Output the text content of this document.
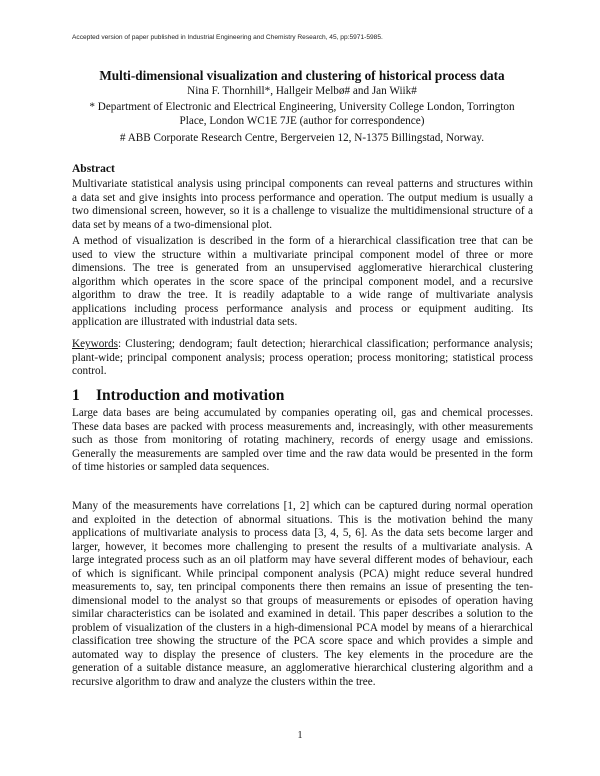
Accepted version of paper published in Industrial Engineering and Chemistry Research, 45, pp:5971-5985.
Multi-dimensional visualization and clustering of historical process data
Nina F. Thornhill*, Hallgeir Melbø# and Jan Wiik#
* Department of Electronic and Electrical Engineering, University College London, Torrington
Place, London WC1E 7JE (author for correspondence)
# ABB Corporate Research Centre, Bergerveien 12, N-1375 Billingstad, Norway.
Abstract
Multivariate statistical analysis using principal components can reveal patterns and structures within
a data set and give insights into process performance and operation. The output medium is usually a
two dimensional screen, however, so it is a challenge to visualize the multidimensional structure of a
data set by means of a two-dimensional plot.
A method of visualization is described in the form of a hierarchical classification tree that can be
used to view the structure within a multivariate principal component model of three or more
dimensions. The tree is generated from an unsupervised agglomerative hierarchical clustering
algorithm which operates in the score space of the principal component model, and a recursive
algorithm to draw the tree. It is readily adaptable to a wide range of multivariate analysis
applications including process performance analysis and process or equipment auditing. Its
application are illustrated with industrial data sets.
Keywords: Clustering; dendogram; fault detection; hierarchical classification; performance analysis;
plant-wide; principal component analysis; process operation; process monitoring; statistical process
control.
1 Introduction and motivation
Large data bases are being accumulated by companies operating oil, gas and chemical processes.
These data bases are packed with process measurements and, increasingly, with other measurements
such as those from monitoring of rotating machinery, records of energy usage and emissions.
Generally the measurements are sampled over time and the raw data would be presented in the form
of time histories or sampled data sequences.
Many of the measurements have correlations [1, 2] which can be captured during normal operation
and exploited in the detection of abnormal situations. This is the motivation behind the many
applications of multivariate analysis to process data [3, 4, 5, 6]. As the data sets become larger and
larger, however, it becomes more challenging to present the results of a multivariate analysis. A
large integrated process such as an oil platform may have several different modes of behaviour, each
of which is significant. While principal component analysis (PCA) might reduce several hundred
measurements to, say, ten principal components there then remains an issue of presenting the ten-
dimensional model to the analyst so that groups of measurements or episodes of operation having
similar characteristics can be isolated and examined in detail. This paper describes a solution to the
problem of visualization of the clusters in a high-dimensional PCA model by means of a hierarchical
classification tree showing the structure of the PCA score space and which provides a simple and
automated way to display the presence of clusters. The key elements in the procedure are the
generation of a suitable distance measure, an agglomerative hierarchical clustering algorithm and a
recursive algorithm to draw and analyze the clusters within the tree.
1
